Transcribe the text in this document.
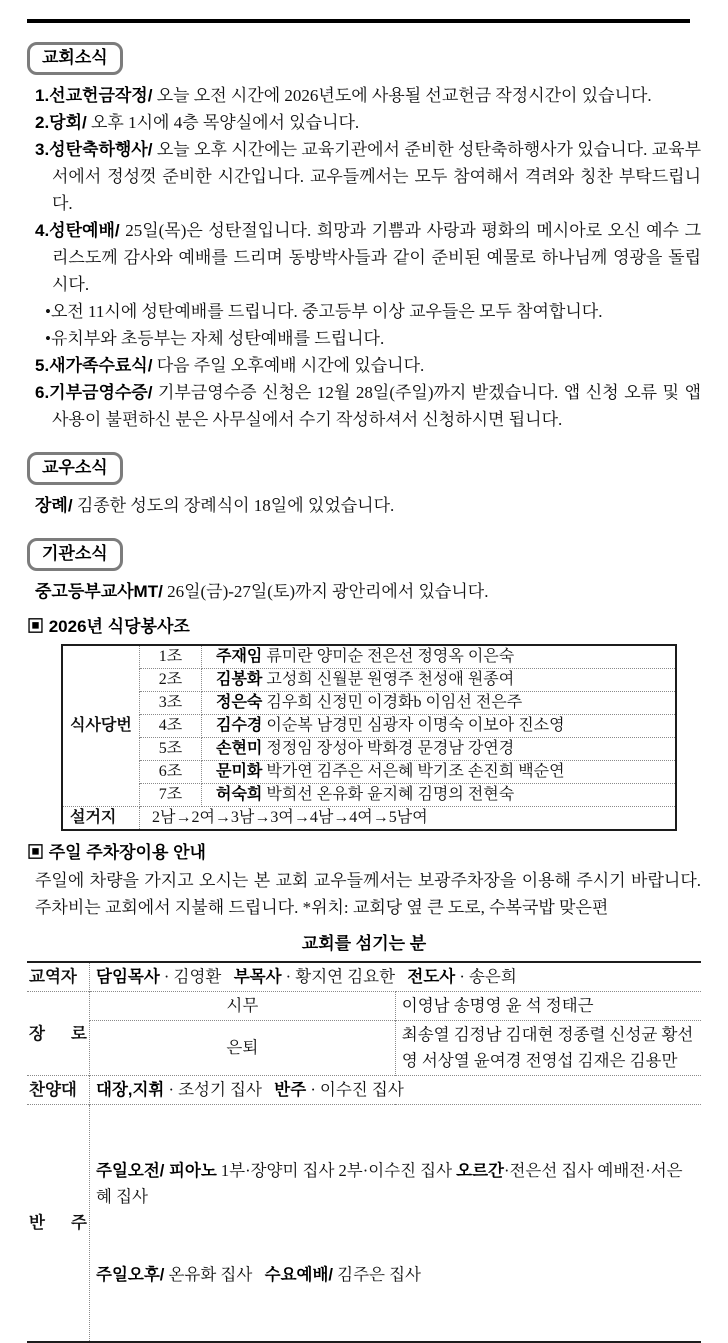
교회소식
1.선교헌금작정/ 오늘 오전 시간에 2026년도에 사용될 선교헌금 작정시간이 있습니다.
2.당회/ 오후 1시에 4층 목양실에서 있습니다.
3.성탄축하행사/ 오늘 오후 시간에는 교육기관에서 준비한 성탄축하행사가 있습니다. 교육부서에서 정성껏 준비한 시간입니다. 교우들께서는 모두 참여해서 격려와 칭찬 부탁드립니다.
4.성탄예배/ 25일(목)은 성탄절입니다. 희망과 기쁨과 사랑과 평화의 메시아로 오신 예수 그리스도께 감사와 예배를 드리며 동방박사들과 같이 준비된 예물로 하나님께 영광을 돌립시다.
•오전 11시에 성탄예배를 드립니다. 중고등부 이상 교우들은 모두 참여합니다.
•유치부와 초등부는 자체 성탄예배를 드립니다.
5.새가족수료식/ 다음 주일 오후예배 시간에 있습니다.
6.기부금영수증/ 기부금영수증 신청은 12월 28일(주일)까지 받겠습니다. 앱 신청 오류 및 앱 사용이 불편하신 분은 사무실에서 수기 작성하셔서 신청하시면 됩니다.
교우소식
장례/ 김종한 성도의 장례식이 18일에 있었습니다.
기관소식
중고등부교사MT/ 26일(금)-27일(토)까지 광안리에서 있습니다.
▣ 2026년 식당봉사조
식사당번	1조	주재임 류미란 양미순 전은선 정영옥 이은숙
	2조	김봉화 고성희 신월분 원영주 천성애 원종여
	3조	정은숙 김우희 신정민 이경화b 이임선 전은주
	4조	김수경 이순복 남경민 심광자 이명숙 이보아 진소영
	5조	손현미 정정임 장성아 박화경 문경남 강연경
	6조	문미화 박가연 김주은 서은혜 박기조 손진희 백순연
	7조	허숙희 박희선 온유화 윤지혜 김명의 전현숙
설거지	2남→2여→3남→3여→4남→4여→5남여	
▣ 주일 주차장이용 안내
주일에 차량을 가지고 오시는 본 교회 교우들께서는 보광주차장을 이용해 주시기 바랍니다. 주차비는 교회에서 지불해 드립니다. *위치: 교회당 옆 큰 도로, 수복국밥 맞은편
교회를 섬기는 분
교역자	담임목사 · 김영환   부목사 · 황지연 김요한   전도사 · 송은희	
장 로	시무	이영남 송명영 윤 석 정태근
	은퇴	최송열 김정남 김대현 정종렬 신성균 황선영 서상열 윤여경 전영섭 김재은 김용만
찬양대	대장,지휘 · 조성기 집사   반주 · 이수진 집사	
반 주	주일오전/ 피아노 1부·장양미 집사 2부·이수진 집사 오르간·전은선 집사 예배전·서은혜 집사

주일오후/ 온유화 집사   수요예배/ 김주은 집사	
